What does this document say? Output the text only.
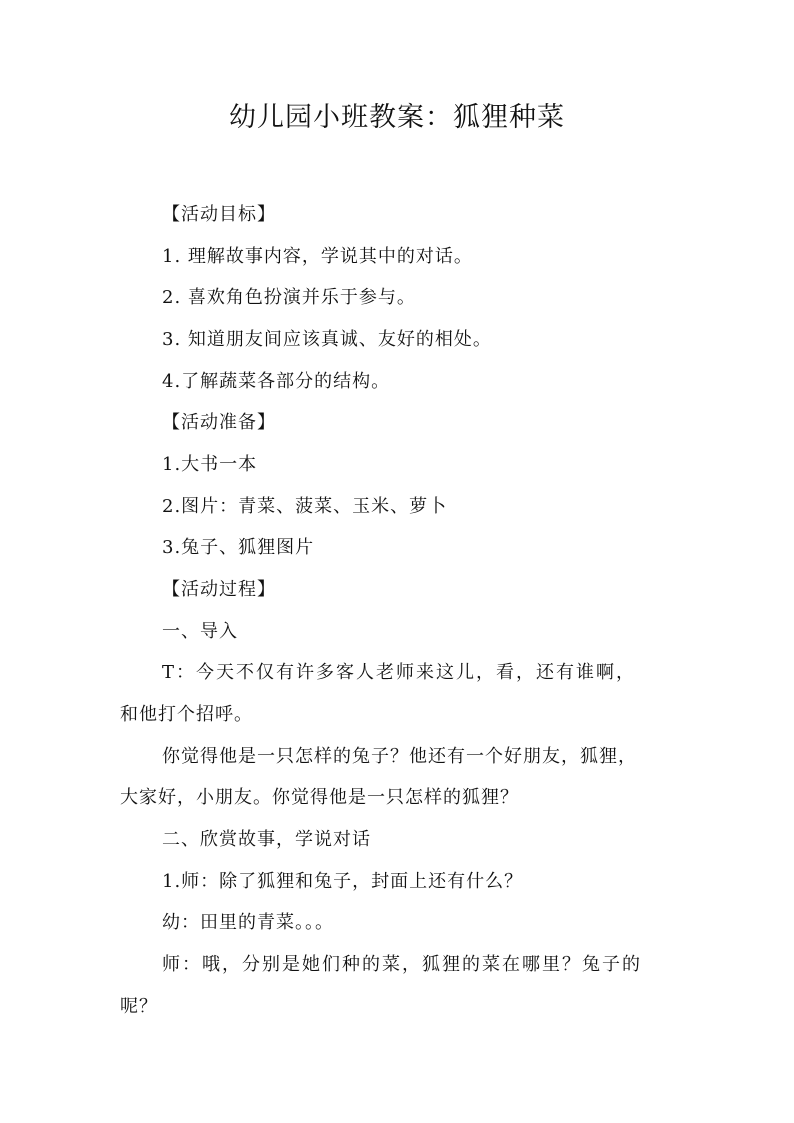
幼儿园小班教案：狐狸种菜
【活动目标】
1. 理解故事内容，学说其中的对话。
2. 喜欢角色扮演并乐于参与。
3. 知道朋友间应该真诚、友好的相处。
4.了解蔬菜各部分的结构。
【活动准备】
1.大书一本
2.图片：青菜、菠菜、玉米、萝卜
3.兔子、狐狸图片
【活动过程】
一、导入
T：今天不仅有许多客人老师来这儿，看，还有谁啊，
和他打个招呼。
你觉得他是一只怎样的兔子？他还有一个好朋友，狐狸，
大家好，小朋友。你觉得他是一只怎样的狐狸？
二、欣赏故事，学说对话
1.师：除了狐狸和兔子，封面上还有什么？
幼：田里的青菜。。。
师：哦，分别是她们种的菜，狐狸的菜在哪里？兔子的
呢？
